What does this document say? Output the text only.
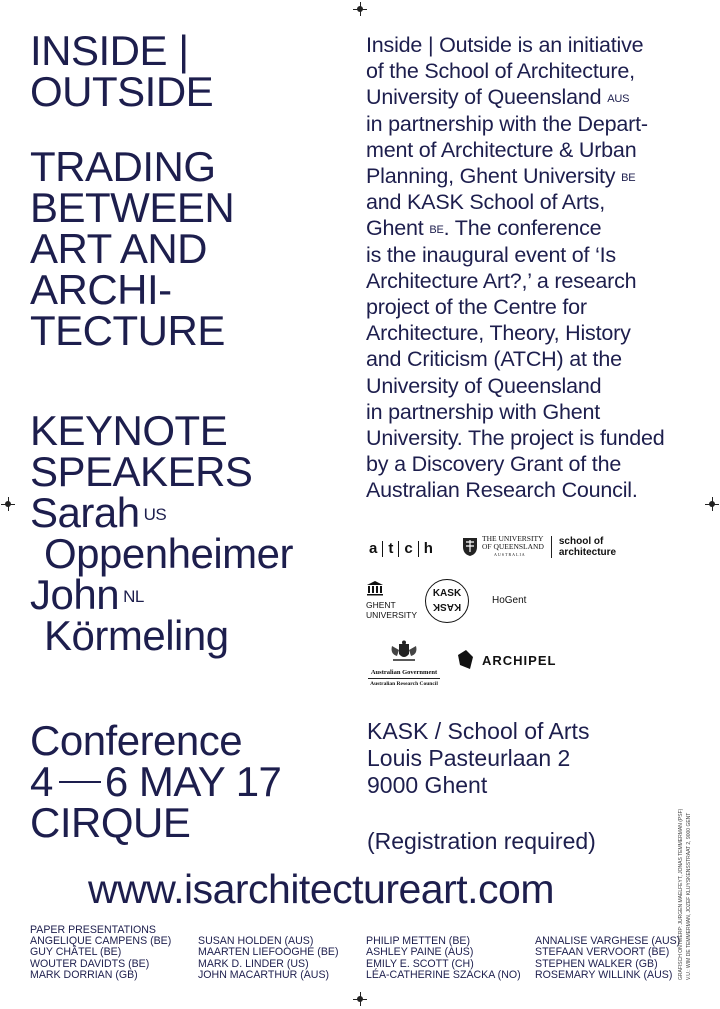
INSIDE |
OUTSIDE
TRADING
BETWEEN
ART AND
ARCHI-
TECTURE
KEYNOTE
SPEAKERS
Sarah $^{US}$
Oppenheimer
John $^{NL}$
Körmeling
Conference
4 6 MAY 17
CIRQUE
Inside | Outside is an initiative
of the School of Architecture,
University of Queensland $^{AUS}$
in partnership with the Depart-
ment of Architecture & Urban
Planning, Ghent University $^{BE}$
and KASK School of Arts,
Ghent $^{BE}$. The conference
is the inaugural event of ‘Is
Architecture Art?,’ a research
project of the Centre for
Architecture, Theory, History
and Criticism (ATCH) at the
University of Queensland
in partnership with Ghent
University. The project is funded
by a Discovery Grant of the
Australian Research Council.
a t c h
THE UNIVERSITY
OF QUEENSLAND
AUSTRALIA
school of
architecture
GHENT
UNIVERSITY
KASK
KASK
HoGent
Australian Government
Australian Research Council
ARCHIPEL
KASK / School of Arts
Louis Pasteurlaan 2
9000 Ghent
(Registration required)
www.isarchitectureart.com
PAPER PRESENTATIONS
ANGELIQUE CAMPENS (BE)
GUY CHÂTEL (BE)
WOUTER DAVIDTS (BE)
MARK DORRIAN (GB)
SUSAN HOLDEN (AUS)
MAARTEN LIEFOOGHE (BE)
MARK D. LINDER (US)
JOHN MACARTHUR (AUS)
PHILIP METTEN (BE)
ASHLEY PAINE (AUS)
EMILY E. SCOTT (CH)
LÉA-CATHERINE SZACKA (NO)
ANNALISE VARGHESE (AUS)
STEFAAN VERVOORT (BE)
STEPHEN WALKER (GB)
ROSEMARY WILLINK (AUS)	GRAFISCH ONTWERP: JURGEN MAELFEYT, JONAS TEMMERMAN (PSF) V.U.: WIM DE TEMMERMAN, JOZEF KLUYSKENSSTRAAT 2, 9000 GENT
